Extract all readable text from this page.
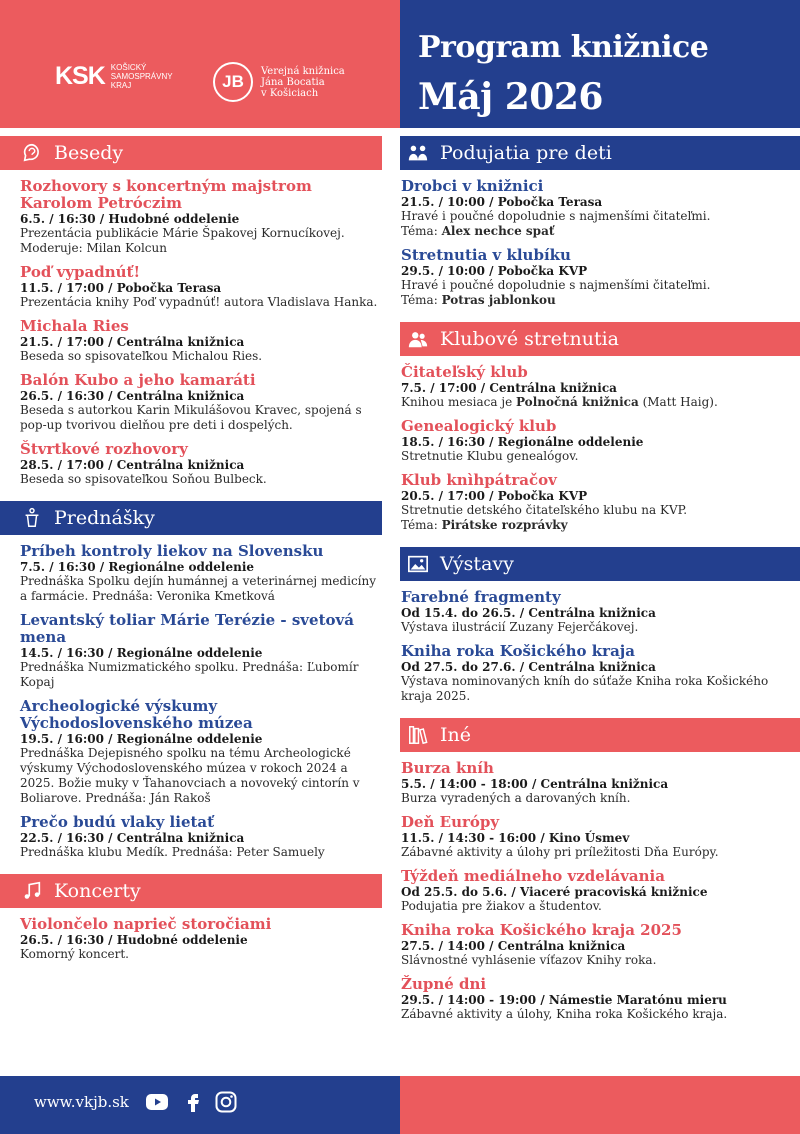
KSK KOŠICKÝ
SAMOSPRÁVNY
KRAJ	JB
Verejná knižnica
Jána Bocatia
v Košiciach
Program knižnice
Máj 2026
Besedy
Rozhovory s koncertným majstrom Karolom Petróczim
6.5. / 16:30 / Hudobné oddelenie
Prezentácia publikácie Márie Špakovej Kornucíkovej. Moderuje: Milan Kolcun
Poď vypadnúť!
11.5. / 17:00 / Pobočka Terasa
Prezentácia knihy Poď vypadnúť! autora Vladislava Hanka.
Michala Ries
21.5. / 17:00 / Centrálna knižnica
Beseda so spisovateľkou Michalou Ries.
Balón Kubo a jeho kamaráti
26.5. / 16:30 / Centrálna knižnica
Beseda s autorkou Karin Mikulášovou Kravec, spojená s pop-up tvorivou dielňou pre deti i dospelých.
Štvrtkové rozhovory
28.5. / 17:00 / Centrálna knižnica
Beseda so spisovateľkou Soňou Bulbeck.
Prednášky
Príbeh kontroly liekov na Slovensku
7.5. / 16:30 / Regionálne oddelenie
Prednáška Spolku dejín humánnej a veterinárnej medicíny a farmácie. Prednáša: Veronika Kmetková
Levantský toliar Márie Terézie - svetová mena
14.5. / 16:30 / Regionálne oddelenie
Prednáška Numizmatického spolku. Prednáša: Ľubomír Kopaj
Archeologické výskumy Východoslovenského múzea
19.5. / 16:00 / Regionálne oddelenie
Prednáška Dejepisného spolku na tému Archeologické výskumy Východoslovenského múzea v rokoch 2024 a 2025. Božie muky v Ťahanovciach a novoveký cintorín v Boliarove. Prednáša: Ján Rakoš
Prečo budú vlaky lietať
22.5. / 16:30 / Centrálna knižnica
Prednáška klubu Medík. Prednáša: Peter Samuely
Koncerty
Violončelo naprieč storočiami
26.5. / 16:30 / Hudobné oddelenie
Komorný koncert.
Podujatia pre deti
Drobci v knižnici
21.5. / 10:00 / Pobočka Terasa
Hravé i poučné dopoludnie s najmenšími čitateľmi.
Téma: Alex nechce spať
Stretnutia v klubíku
29.5. / 10:00 / Pobočka KVP
Hravé i poučné dopoludnie s najmenšími čitateľmi.
Téma: Potras jablonkou
Klubové stretnutia
Čitateľský klub
7.5. / 17:00 / Centrálna knižnica
Knihou mesiaca je Polnočná knižnica (Matt Haig).
Genealogický klub
18.5. / 16:30 / Regionálne oddelenie
Stretnutie Klubu genealógov.
Klub knìhpátračov
20.5. / 17:00 / Pobočka KVP
Stretnutie detského čitateľského klubu na KVP.
Téma: Pirátske rozprávky
Výstavy
Farebné fragmenty
Od 15.4. do 26.5. / Centrálna knižnica
Výstava ilustrácií Zuzany Fejerčákovej.
Kniha roka Košického kraja
Od 27.5. do 27.6. / Centrálna knižnica
Výstava nominovaných kníh do súťaže Kniha roka Košického kraja 2025.
Iné
Burza kníh
5.5. / 14:00 - 18:00 / Centrálna knižnica
Burza vyradených a darovaných kníh.
Deň Európy
11.5. / 14:30 - 16:00 / Kino Úsmev
Zábavné aktivity a úlohy pri príležitosti Dňa Európy.
Týždeň mediálneho vzdelávania
Od 25.5. do 5.6. / Viaceré pracoviská knižnice
Podujatia pre žiakov a študentov.
Kniha roka Košického kraja 2025
27.5. / 14:00 / Centrálna knižnica
Slávnostné vyhlásenie víťazov Knihy roka.
Župné dni
29.5. / 14:00 - 19:00 / Námestie Maratónu mieru
Zábavné aktivity a úlohy, Kniha roka Košického kraja.
www.vkjb.sk
